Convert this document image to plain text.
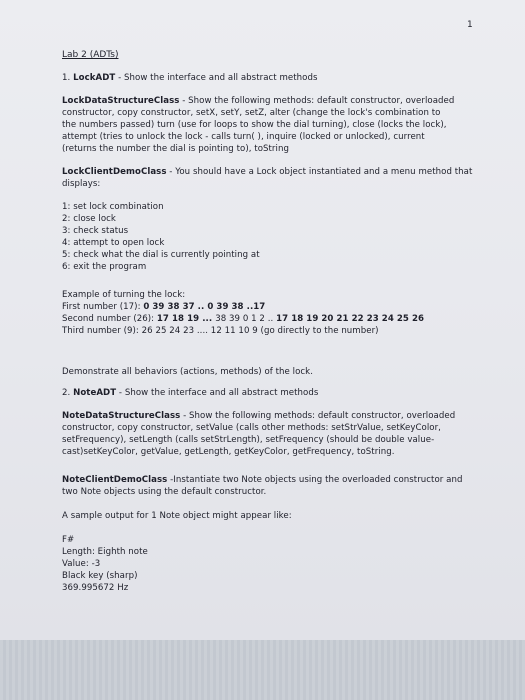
1
Lab 2 (ADTs)
1. LockADT - Show the interface and all abstract methods
LockDataStructureClass - Show the following methods: default constructor, overloaded
constructor, copy constructor, setX, setY, setZ, alter (change the lock's combination to
the numbers passed) turn (use for loops to show the dial turning), close (locks the lock),
attempt (tries to unlock the lock - calls turn( ), inquire (locked or unlocked), current
(returns the number the dial is pointing to), toString
LockClientDemoClass - You should have a Lock object instantiated and a menu method that
displays:
1: set lock combination
2: close lock
3: check status
4: attempt to open lock
5: check what the dial is currently pointing at
6: exit the program
Example of turning the lock:
First number (17): 0 39 38 37 .. 0 39 38 ..17
Second number (26): 17 18 19 ... 38 39 0 1 2 .. 17 18 19 20 21 22 23 24 25 26
Third number (9): 26 25 24 23 .... 12 11 10 9 (go directly to the number)
Demonstrate all behaviors (actions, methods) of the lock.
2. NoteADT - Show the interface and all abstract methods
NoteDataStructureClass - Show the following methods: default constructor, overloaded
constructor, copy constructor, setValue (calls other methods: setStrValue, setKeyColor,
setFrequency), setLength (calls setStrLength), setFrequency (should be double value-
cast)setKeyColor, getValue, getLength, getKeyColor, getFrequency, toString.
NoteClientDemoClass -Instantiate two Note objects using the overloaded constructor and
two Note objects using the default constructor.
A sample output for 1 Note object might appear like:
F#
Length: Eighth note
Value: -3
Black key (sharp)
369.995672 Hz
